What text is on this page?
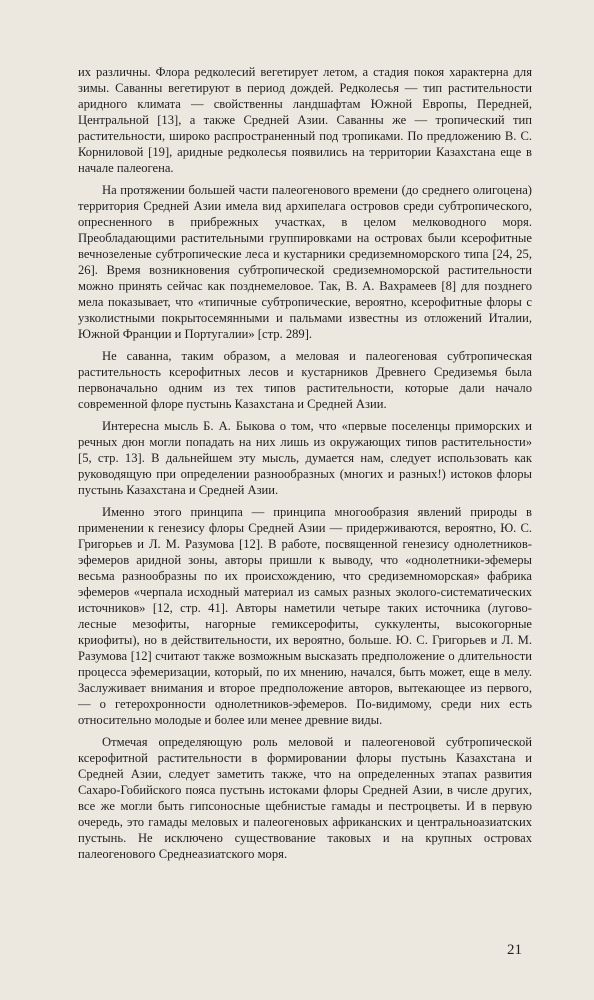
их различны. Флора редколесий вегетирует летом, а стадия покоя характерна для зимы. Саванны вегетируют в период дождей. Редколесья — тип растительности аридного климата — свойственны ландшафтам Южной Европы, Передней, Центральной [13], а также Средней Азии. Саванны же — тропический тип растительности, широко распространенный под тропиками. По предложению В. С. Корниловой [19], аридные редколесья появились на территории Казахстана еще в начале палеогена.

На протяжении большей части палеогенового времени (до среднего олигоцена) территория Средней Азии имела вид архипелага островов среди субтропического, опресненного в прибрежных участках, в целом мелководного моря. Преобладающими растительными группировками на островах были ксерофитные вечнозеленые субтропические леса и кустарники средиземноморского типа [24, 25, 26]. Время возникновения субтропической средиземноморской растительности можно принять сейчас как позднемеловое. Так, В. А. Вахрамеев [8] для позднего мела показывает, что «типичные субтропические, вероятно, ксерофитные флоры с узколистными покрытосемянными и пальмами известны из отложений Италии, Южной Франции и Португалии» [стр. 289].

Не саванна, таким образом, а меловая и палеогеновая субтропическая растительность ксерофитных лесов и кустарников Древнего Средиземья была первоначально одним из тех типов растительности, которые дали начало современной флоре пустынь Казахстана и Средней Азии.

Интересна мысль Б. А. Быкова о том, что «первые поселенцы приморских и речных дюн могли попадать на них лишь из окружающих типов растительности» [5, стр. 13]. В дальнейшем эту мысль, думается нам, следует использовать как руководящую при определении разнообразных (многих и разных!) истоков флоры пустынь Казахстана и Средней Азии.

Именно этого принципа — принципа многообразия явлений природы в применении к генезису флоры Средней Азии — придерживаются, вероятно, Ю. С. Григорьев и Л. М. Разумова [12]. В работе, посвященной генезису однолетников-эфемеров аридной зоны, авторы пришли к выводу, что «однолетники-эфемеры весьма разнообразны по их происхождению, что средиземноморская» фабрика эфемеров «черпала исходный материал из самых разных эколого-систематических источников» [12, стр. 41]. Авторы наметили четыре таких источника (лугово-лесные мезофиты, нагорные гемиксерофиты, суккуленты, высокогорные криофиты), но в действительности, их вероятно, больше. Ю. С. Григорьев и Л. М. Разумова [12] считают также возможным высказать предположение о длительности процесса эфемеризации, который, по их мнению, начался, быть может, еще в мелу. Заслуживает внимания и второе предположение авторов, вытекающее из первого, — о гетерохронности однолетников-эфемеров. По-видимому, среди них есть относительно молодые и более или менее древние виды.

Отмечая определяющую роль меловой и палеогеновой субтропической ксерофитной растительности в формировании флоры пустынь Казахстана и Средней Азии, следует заметить также, что на определенных этапах развития Сахаро-Гобийского пояса пустынь истоками флоры Средней Азии, в числе других, все же могли быть гипсоносные щебнистые гамады и пестроцветы. И в первую очередь, это гамады меловых и палеогеновых африканских и центральноазиатских пустынь. Не исключено существование таковых и на крупных островах палеогенового Среднеазиатского моря.

21
